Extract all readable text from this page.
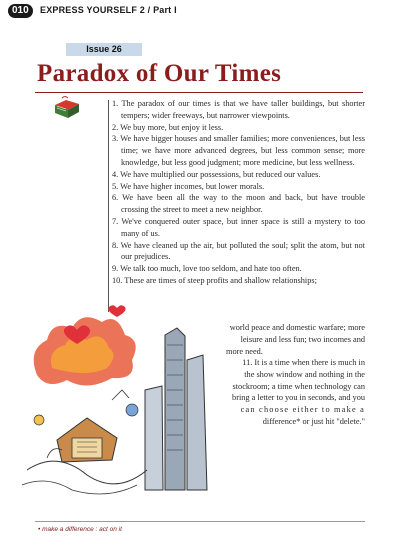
010	EXPRESS YOURSELF 2 / Part I
Issue 26
Paradox of Our Times

1. The paradox of our times is that we have taller buildings, but shorter tempers; wider freeways, but narrower viewpoints.

2. We buy more, but enjoy it less.

3. We have bigger houses and smaller families; more conveniences, but less time; we have more advanced degrees, but less common sense; more knowledge, but less good judgment; more medicine, but less wellness.

4. We have multiplied our possessions, but reduced our values.

5. We have higher incomes, but lower morals.

6. We have been all the way to the moon and back, but have trouble crossing the street to meet a new neighbor.

7. We've conquered outer space, but inner space is still a mystery to too many of us.

8. We have cleaned up the air, but polluted the soul; split the atom, but not our prejudices.

9. We talk too much, love too seldom, and hate too often.

10. These are times of steep profits and shallow relationships;

world peace and domestic warfare; more
leisure and less fun; two incomes and
more need.
11. It is a time when there is much in
the show window and nothing in the
stockroom; a time when technology can
bring a letter to you in seconds, and you
can choose either to make a
difference* or just hit "delete."
• make a difference : act on it
